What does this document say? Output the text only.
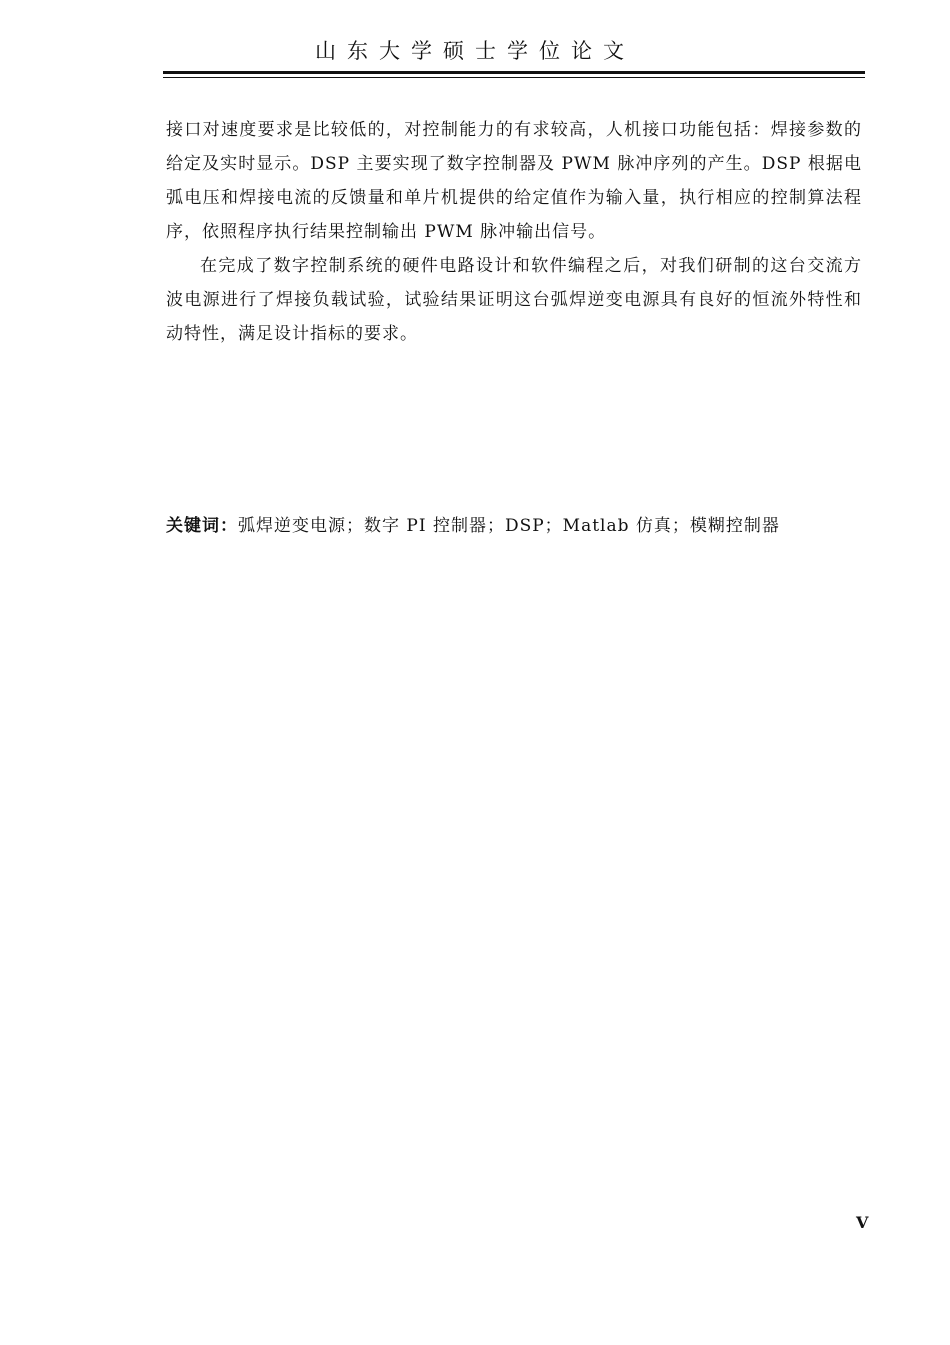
山东大学硕士学位论文

接口对速度要求是比较低的，对控制能力的有求较高，人机接口功能包括：焊接参数的给定及实时显示。DSP 主要实现了数字控制器及 PWM 脉冲序列的产生。DSP 根据电弧电压和焊接电流的反馈量和单片机提供的给定值作为输入量，执行相应的控制算法程序，依照程序执行结果控制输出 PWM 脉冲输出信号。

在完成了数字控制系统的硬件电路设计和软件编程之后，对我们研制的这台交流方波电源进行了焊接负载试验，试验结果证明这台弧焊逆变电源具有良好的恒流外特性和动特性，满足设计指标的要求。

关键词：弧焊逆变电源；数字 PI 控制器；DSP；Matlab 仿真；模糊控制器
V
